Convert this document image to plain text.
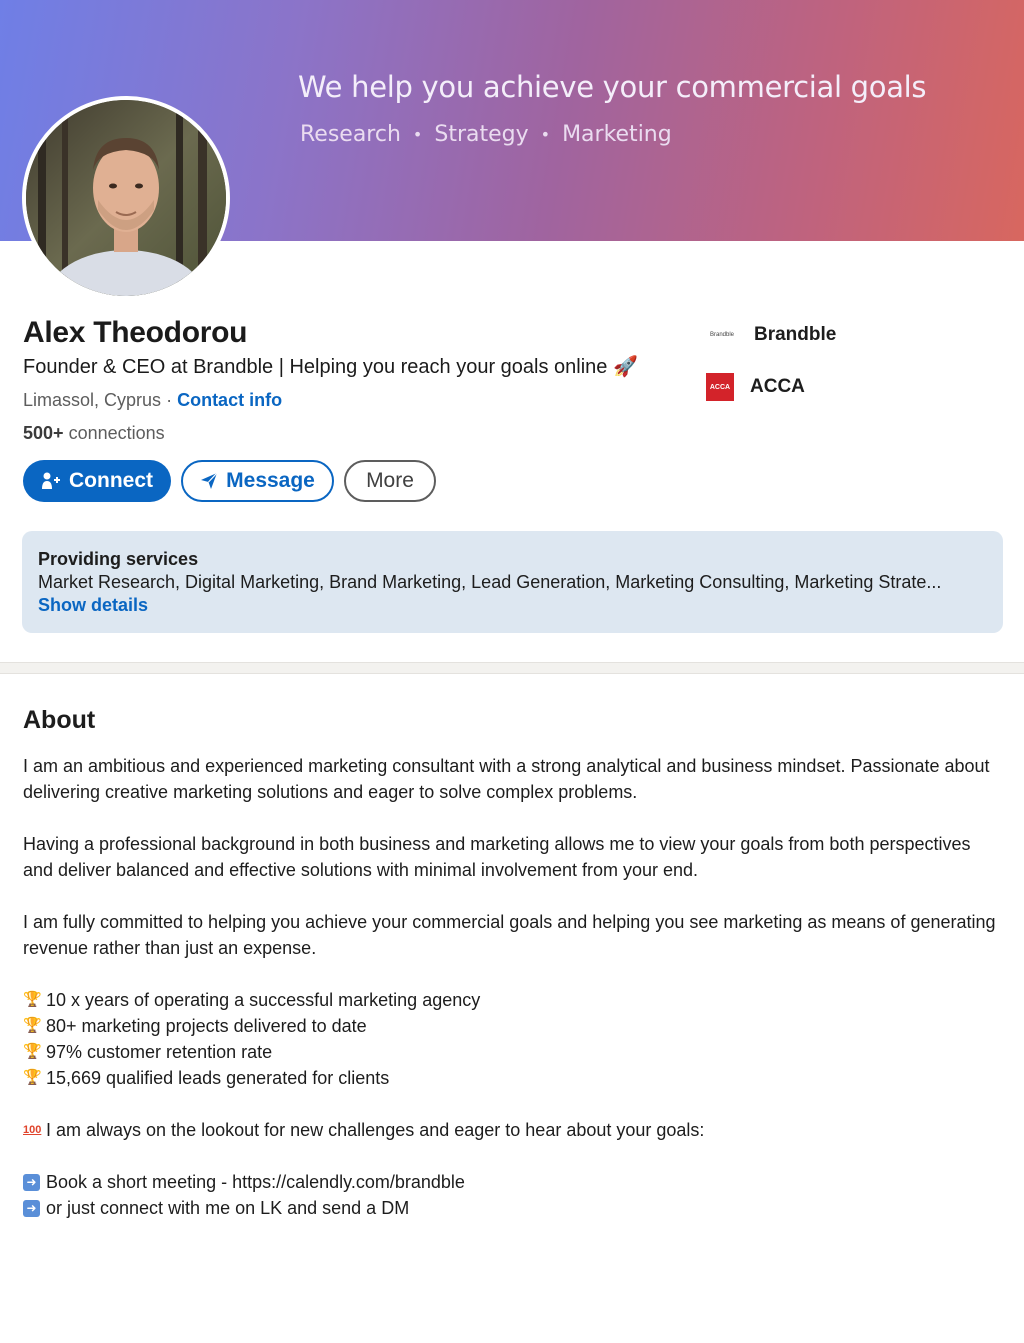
We help you achieve your commercial goals
Research • Strategy • Marketing
Alex Theodorou
Founder & CEO at Brandble | Helping you reach your goals online 🚀
Limassol, Cyprus · Contact info
500+ connections
Connect	Message More
Brandble Brandble
ACCA ACCA
Providing services
Market Research, Digital Marketing, Brand Marketing, Lead Generation, Marketing Consulting, Marketing Strate...
Show details
About

I am an ambitious and experienced marketing consultant with a strong analytical and business mindset. Passionate about delivering creative marketing solutions and eager to solve complex problems.

Having a professional background in both business and marketing allows me to view your goals from both perspectives and deliver balanced and effective solutions with minimal involvement from your end.

I am fully committed to helping you achieve your commercial goals and helping you see marketing as means of generating revenue rather than just an expense.

🏆 10 x years of operating a successful marketing agency
🏆 80+ marketing projects delivered to date
🏆 97% customer retention rate
🏆 15,669 qualified leads generated for clients
100 I am always on the lookout for new challenges and eager to hear about your goals:
➜ Book a short meeting - https://calendly.com/brandble
➜ or just connect with me on LK and send a DM
